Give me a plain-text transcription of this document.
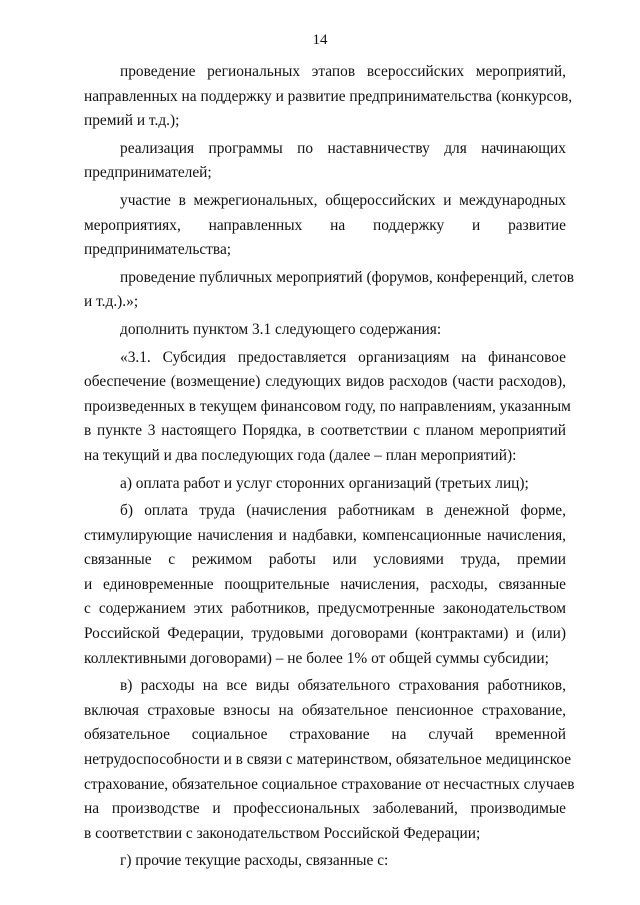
14
проведение региональных этапов всероссийских мероприятий,
направленных на поддержку и развитие предпринимательства (конкурсов,
премий и т.д.);
реализация программы по наставничеству для начинающих
предпринимателей;
участие в межрегиональных, общероссийских и международных
мероприятиях, направленных на поддержку и развитие
предпринимательства;
проведение публичных мероприятий (форумов, конференций, слетов
и т.д.).»;
дополнить пунктом 3.1 следующего содержания:
«3.1. Субсидия предоставляется организациям на финансовое
обеспечение (возмещение) следующих видов расходов (части расходов),
произведенных в текущем финансовом году, по направлениям, указанным
в пункте 3 настоящего Порядка, в соответствии с планом мероприятий
на текущий и два последующих года (далее – план мероприятий):
а) оплата работ и услуг сторонних организаций (третьих лиц);
б) оплата труда (начисления работникам в денежной форме,
стимулирующие начисления и надбавки, компенсационные начисления,
связанные с режимом работы или условиями труда, премии
и единовременные поощрительные начисления, расходы, связанные
с содержанием этих работников, предусмотренные законодательством
Российской Федерации, трудовыми договорами (контрактами) и (или)
коллективными договорами) – не более 1% от общей суммы субсидии;
в) расходы на все виды обязательного страхования работников,
включая страховые взносы на обязательное пенсионное страхование,
обязательное социальное страхование на случай временной
нетрудоспособности и в связи с материнством, обязательное медицинское
страхование, обязательное социальное страхование от несчастных случаев
на производстве и профессиональных заболеваний, производимые
в соответствии с законодательством Российской Федерации;
г) прочие текущие расходы, связанные с:
